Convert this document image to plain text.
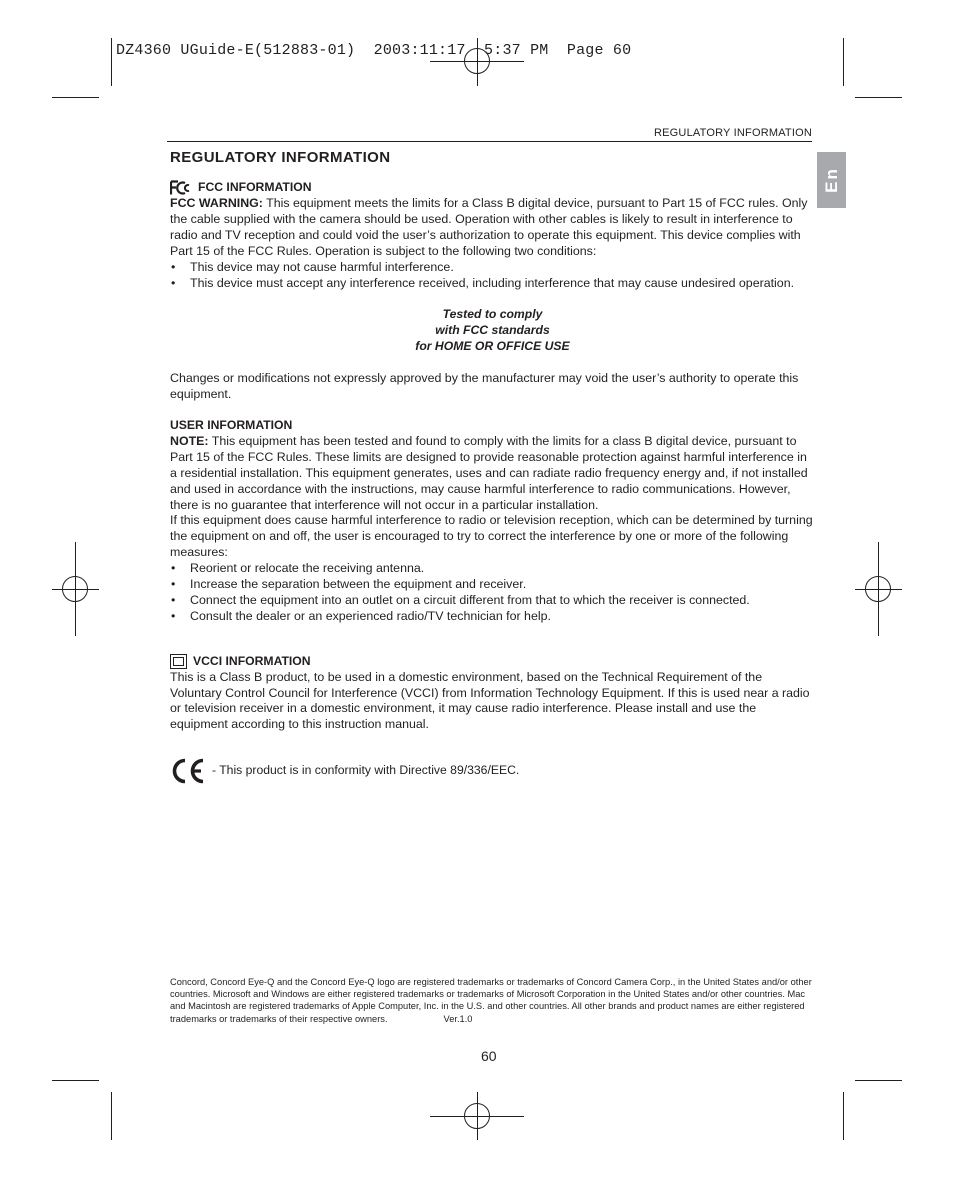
DZ4360 UGuide-E(512883-01)  2003:11:17  5:37 PM  Page 60
REGULATORY INFORMATION
En
REGULATORY INFORMATION
FCC INFORMATION

FCC WARNING: This equipment meets the limits for a Class B digital device, pursuant to Part 15 of FCC rules. Only the cable supplied with the camera should be used. Operation with other cables is likely to result in interference to radio and TV reception and could void the user’s authorization to operate this equipment. This device complies with Part 15 of the FCC Rules. Operation is subject to the following two conditions:

• This device may not cause harmful interference.
• This device must accept any interference received, including interference that may cause undesired operation.
Tested to comply
with FCC standards
for HOME OR OFFICE USE

Changes or modifications not expressly approved by the manufacturer may void the user’s authority to operate this equipment.

USER INFORMATION

NOTE: This equipment has been tested and found to comply with the limits for a class B digital device, pursuant to Part 15 of the FCC Rules. These limits are designed to provide reasonable protection against harmful interference in a residential installation. This equipment generates, uses and can radiate radio frequency energy and, if not installed and used in accordance with the instructions, may cause harmful interference to radio communications. However, there is no guarantee that interference will not occur in a particular installation.

If this equipment does cause harmful interference to radio or television reception, which can be determined by turning the equipment on and off, the user is encouraged to try to correct the interference by one or more of the following measures:

• Reorient or relocate the receiving antenna.
• Increase the separation between the equipment and receiver.
• Connect the equipment into an outlet on a circuit different from that to which the receiver is connected.
• Consult the dealer or an experienced radio/TV technician for help.
VCCI INFORMATION

This is a Class B product, to be used in a domestic environment, based on the Technical Requirement of the Voluntary Control Council for Interference (VCCI) from Information Technology Equipment. If this is used near a radio or television receiver in a domestic environment, it may cause radio interference. Please install and use the equipment according to this instruction manual.

- This product is in conformity with Directive 89/336/EEC.
Concord, Concord Eye-Q and the Concord Eye-Q logo are registered trademarks or trademarks of Concord Camera Corp., in the United States and/or other countries. Microsoft and Windows are either registered trademarks or trademarks of Microsoft Corporation in the United States and/or other countries. Mac and Macintosh are registered trademarks of Apple Computer, Inc. in the U.S. and other countries. All other brands and product names are either registered trademarks or trademarks of their respective owners.	Ver.1.0
60
